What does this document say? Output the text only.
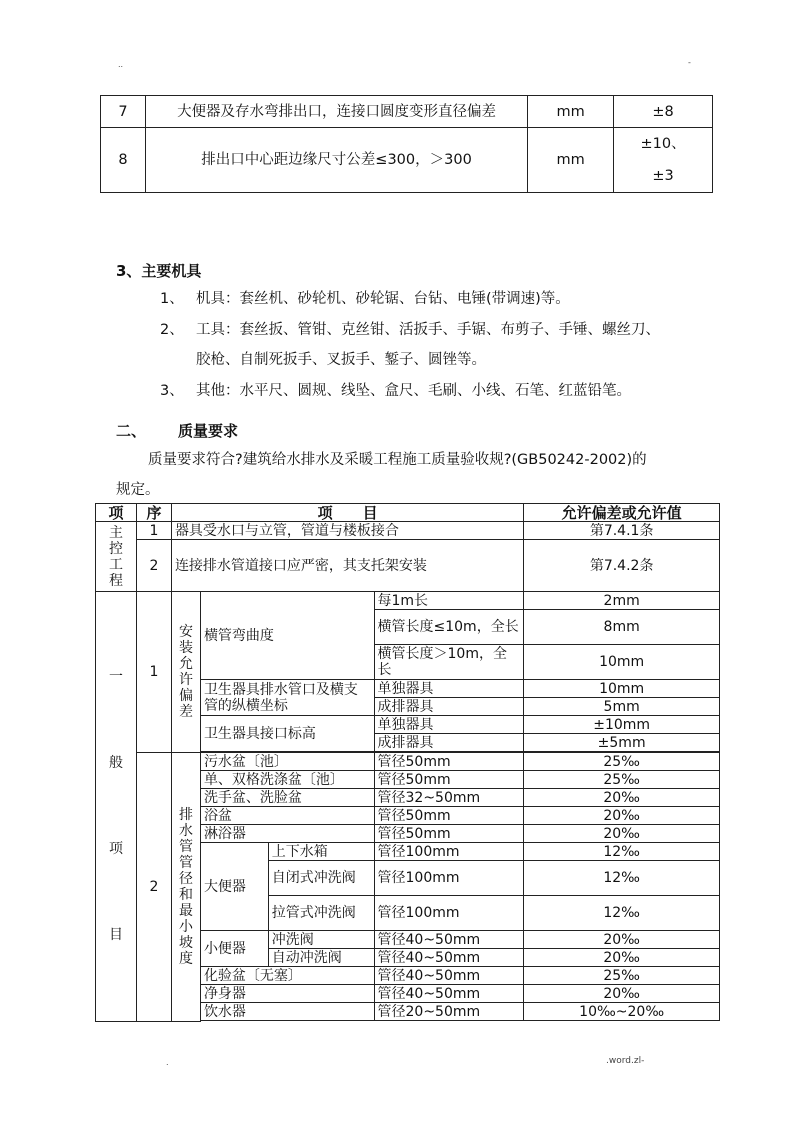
..	-
7	大便器及存水弯排出口，连接口圆度变形直径偏差	mm	±8
8	排出口中心距边缘尺寸公差≤300，＞300	mm	±10、
±3
3、主要机具
1、 机具：套丝机、砂轮机、砂轮锯、台钻、电锤(带调速)等。
2、 工具：套丝扳、管钳、克丝钳、活扳手、手锯、布剪子、手锤、螺丝刀、
胶枪、自制死扳手、叉扳手、錾子、圆锉等。
3、 其他：水平尺、圆规、线坠、盒尺、毛刷、小线、石笔、红蓝铅笔。
二、 质量要求
质量要求符合?建筑给水排水及采暖工程施工质量验收规?(GB50242-2002)的
规定。
项	序	项　　目				允许偏差或允许值
主控工程	1	器具受水口与立管，管道与楼板接合				第7.4.1条
	2	连接排水管道接口应严密，其支托架安装				第7.4.2条

一
般
项
目	1	安装允许偏差	横管弯曲度		每1m长	2mm
					横管长度≤10m，全长	8mm
					横管长度＞10m，全长	10mm
			卫生器具排水管口及横支管的纵横坐标		单独器具	10mm
					成排器具	5mm
			卫生器具接口标高		单独器具	±10mm
					成排器具	±5mm

	2	排水管管径和最小坡度	污水盆〔池〕		管径50mm	25‰
			单、双格洗涤盆〔池〕		管径50mm	25‰
			洗手盆、洗脸盆		管径32~50mm	20‰
			浴盆		管径50mm	20‰
			淋浴器		管径50mm	20‰
			大便器	上下水箱	管径100mm	12‰
				自闭式冲洗阀	管径100mm	12‰
				拉管式冲洗阀	管径100mm	12‰
			小便器	冲洗阀	管径40~50mm	20‰
				自动冲洗阀	管径40~50mm	20‰
			化验盆〔无塞〕		管径40~50mm	25‰
			净身器		管径40~50mm	20‰
			饮水器		管径20~50mm	10‰~20‰

.	.word.zl-
